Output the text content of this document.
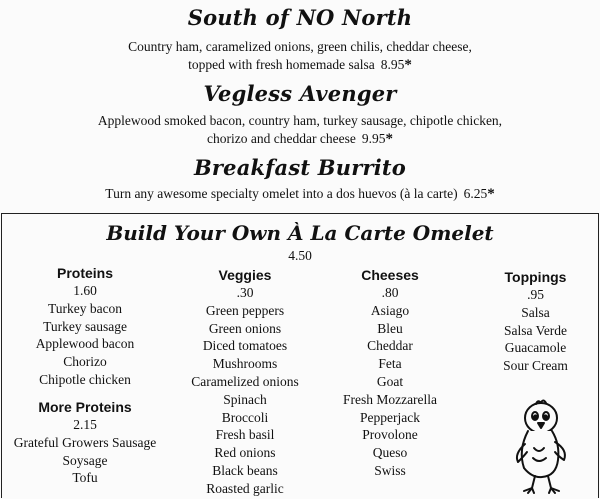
South of NO North
Country ham, caramelized onions, green chilis, cheddar cheese,
topped with fresh homemade salsa 8.95*
Vegless Avenger
Applewood smoked bacon, country ham, turkey sausage, chipotle chicken,
chorizo and cheddar cheese 9.95*
Breakfast Burrito
Turn any awesome specialty omelet into a dos huevos (à la carte) 6.25*
Build Your Own À La Carte Omelet
4.50
Proteins
1.60
Turkey bacon
Turkey sausage
Applewood bacon
Chorizo
Chipotle chicken
More Proteins
2.15
Grateful Growers Sausage
Soysage
Tofu
Veggies
.30
Green peppers
Green onions
Diced tomatoes
Mushrooms
Caramelized onions
Spinach
Broccoli
Fresh basil
Red onions
Black beans
Roasted garlic
Cheeses
.80
Asiago
Bleu
Cheddar
Feta
Goat
Fresh Mozzarella
Pepperjack
Provolone
Queso
Swiss
Toppings
.95
Salsa
Salsa Verde
Guacamole
Sour Cream
